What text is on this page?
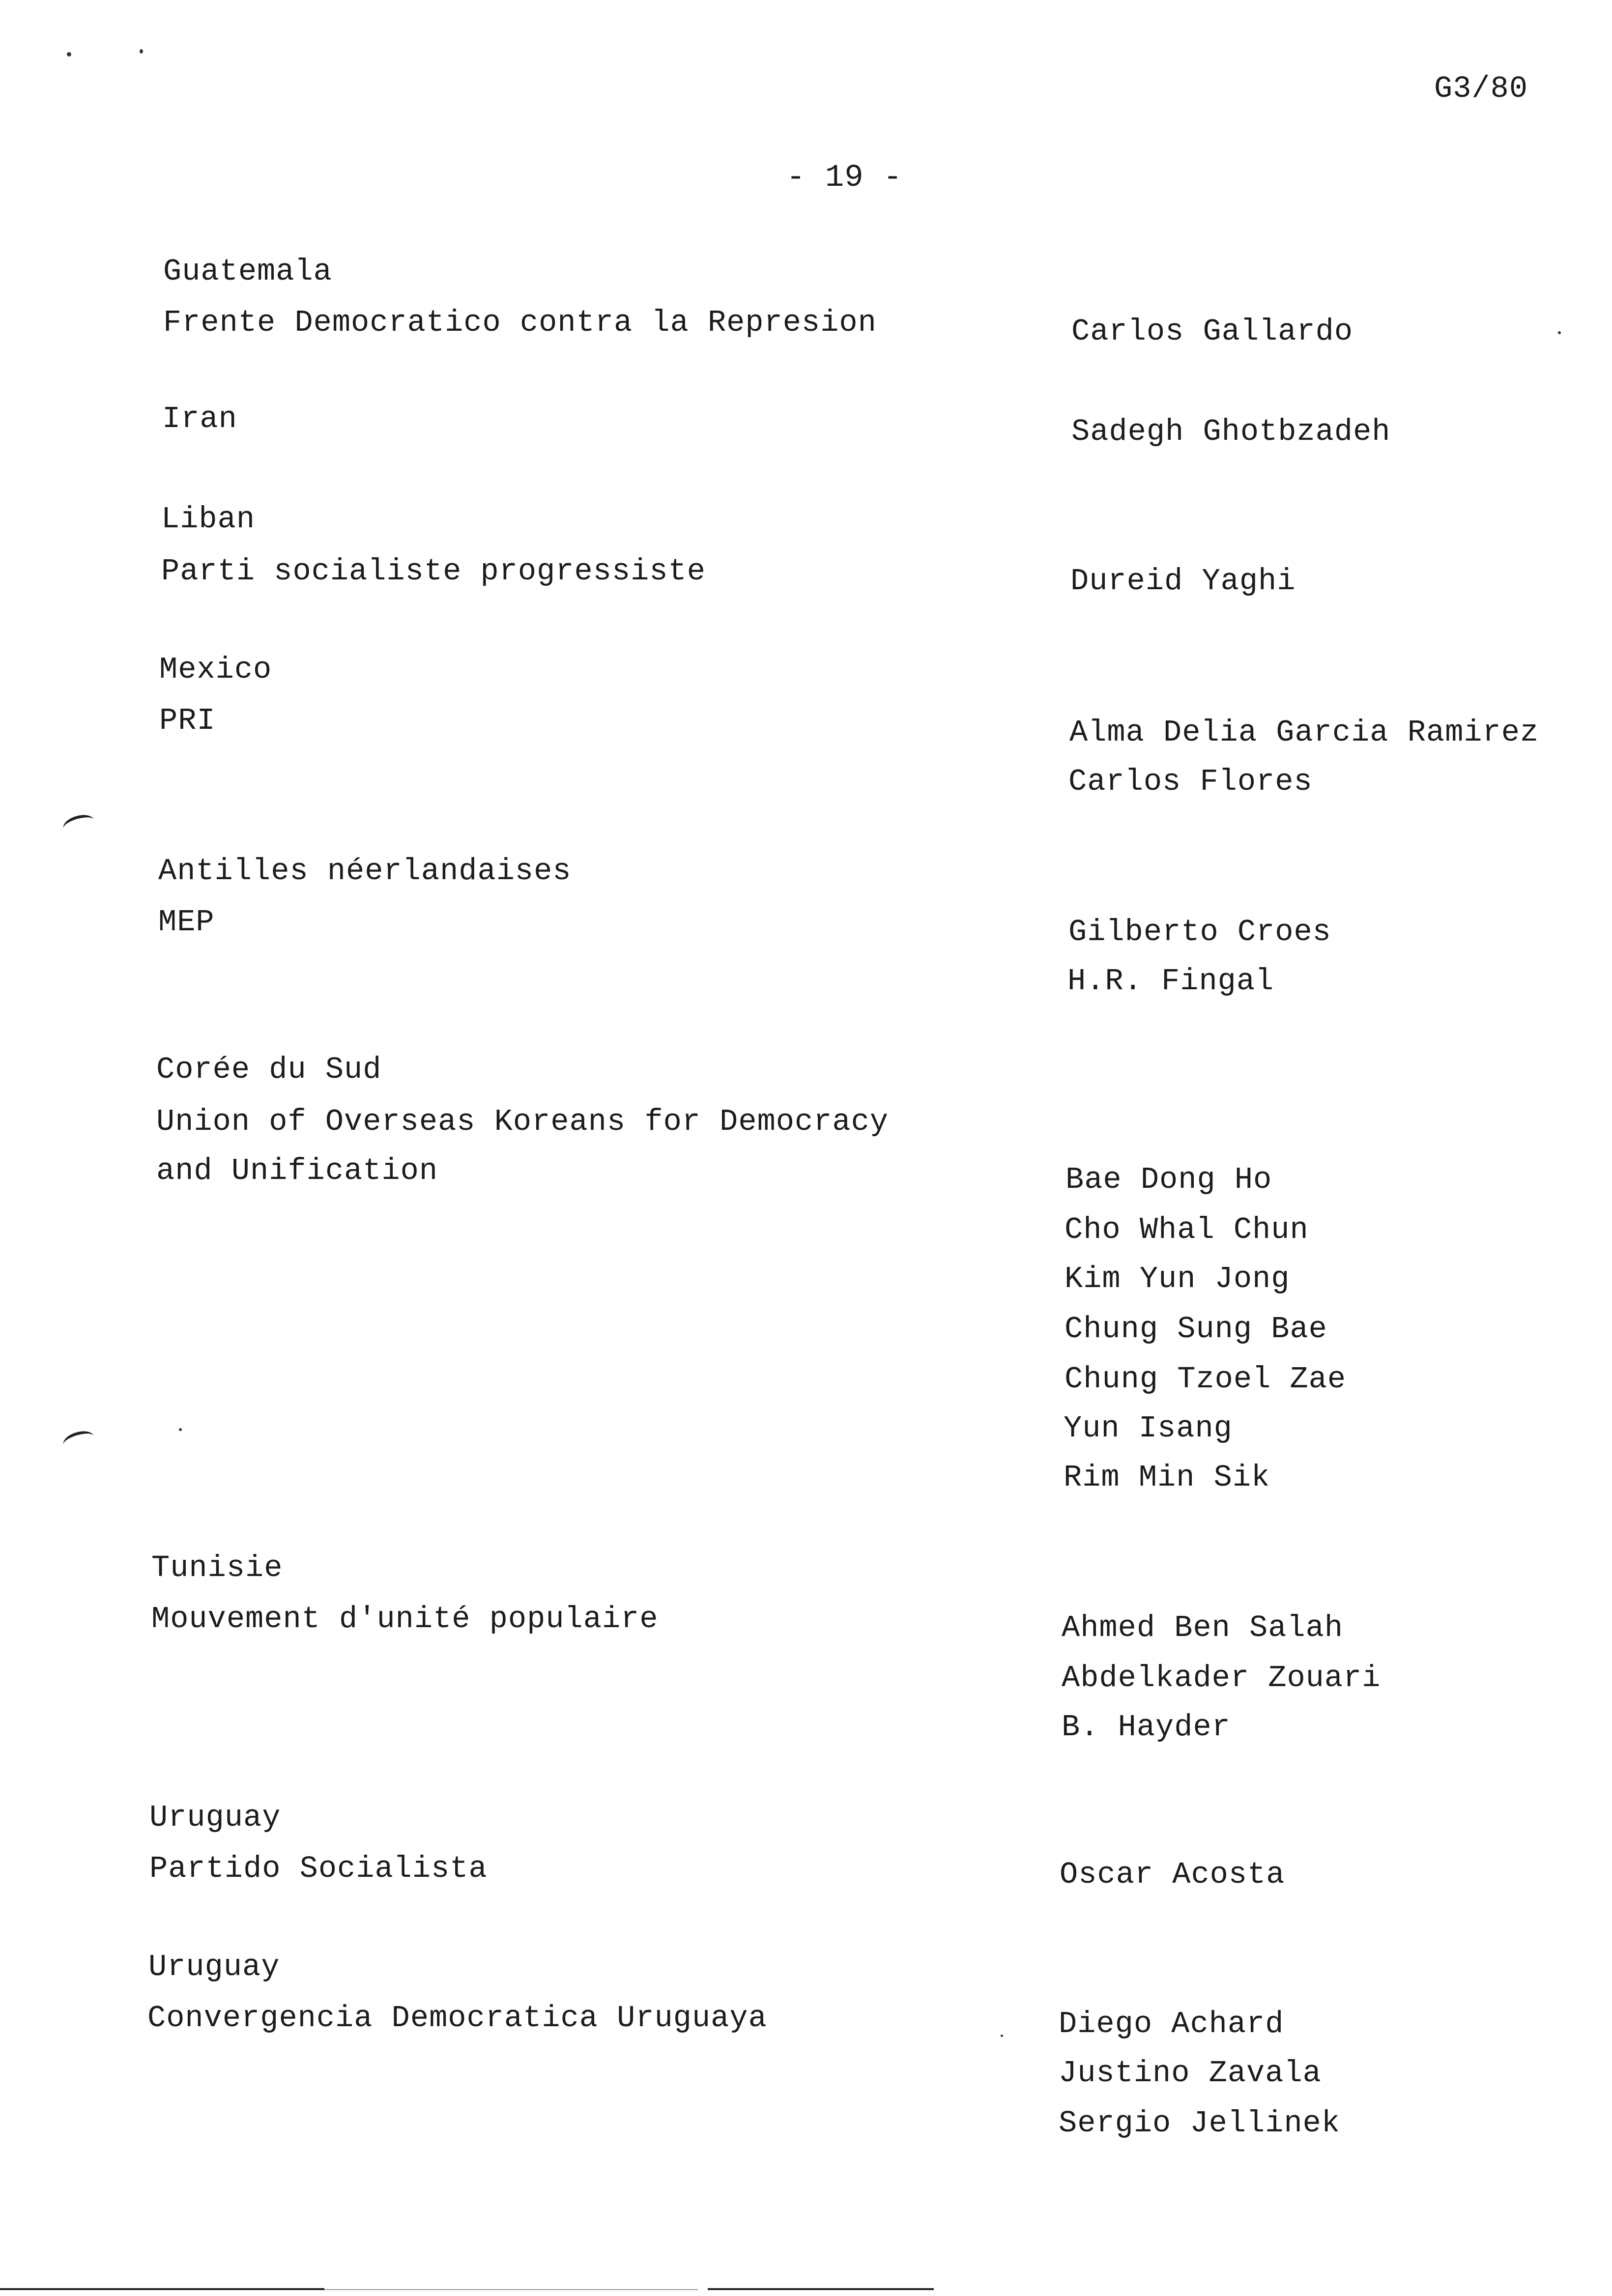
G3/80
- 19 -
Guatemala
Frente Democratico contra la Represion	Carlos Gallardo
Iran	Sadegh Ghotbzadeh
Liban
Parti socialiste progressiste	Dureid Yaghi
Mexico
PRI	Alma Delia Garcia Ramirez
Carlos Flores
Antilles néerlandaises
MEP	Gilberto Croes
H.R. Fingal
Corée du Sud
Union of Overseas Koreans for Democracy
and Unification	Bae Dong Ho
Cho Whal Chun
Kim Yun Jong
Chung Sung Bae
Chung Tzoel Zae
Yun Isang
Rim Min Sik
Tunisie
Mouvement d'unité populaire	Ahmed Ben Salah
Abdelkader Zouari
B. Hayder
Uruguay
Partido Socialista	Oscar Acosta
Uruguay
Convergencia Democratica Uruguaya	Diego Achard
Justino Zavala
Sergio Jellinek
